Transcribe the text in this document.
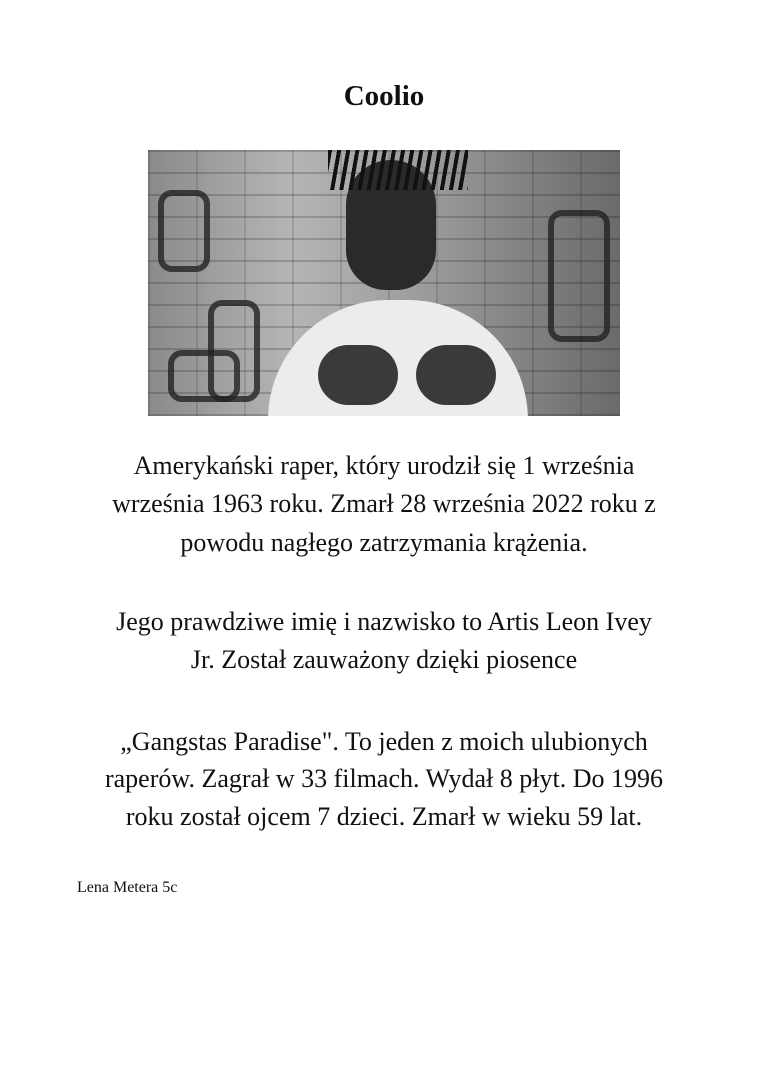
Coolio
Amerykański raper, który urodził się 1 września
września 1963 roku. Zmarł 28 września 2022 roku z
powodu nagłego zatrzymania krążenia.
Jego prawdziwe imię i nazwisko to Artis Leon Ivey
Jr. Został zauważony dzięki piosence
„Gangstas Paradise". To jeden z moich ulubionych
raperów. Zagrał w 33 filmach. Wydał 8 płyt. Do 1996
roku został ojcem 7 dzieci. Zmarł w wieku 59 lat.
Lena Metera 5c
